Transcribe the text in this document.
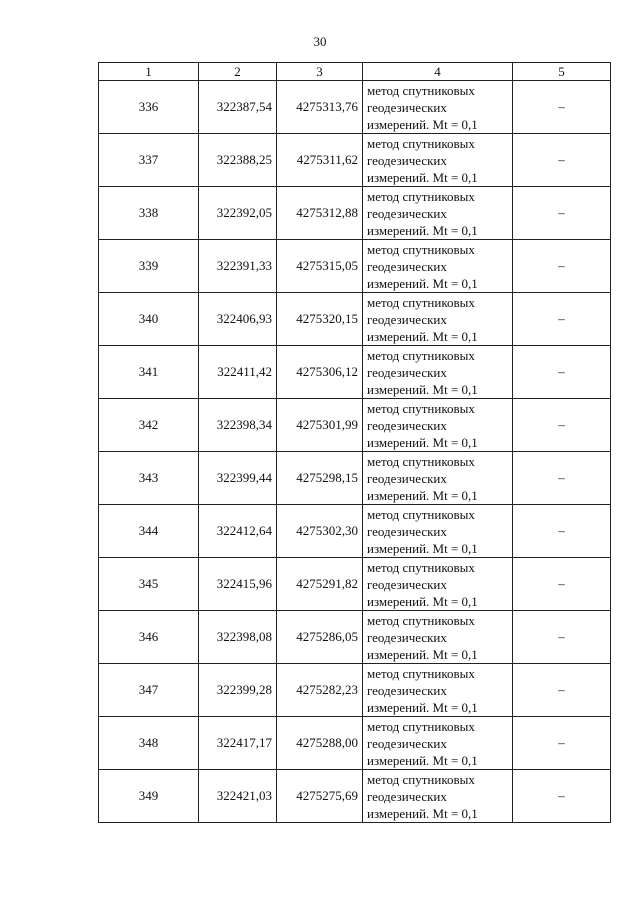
30
1	2	3	4	5
336	322387,54	4275313,76	метод спутниковых геодезических измерений. Mt = 0,1	–
337	322388,25	4275311,62	метод спутниковых геодезических измерений. Mt = 0,1	–
338	322392,05	4275312,88	метод спутниковых геодезических измерений. Mt = 0,1	–
339	322391,33	4275315,05	метод спутниковых геодезических измерений. Mt = 0,1	–
340	322406,93	4275320,15	метод спутниковых геодезических измерений. Mt = 0,1	–
341	322411,42	4275306,12	метод спутниковых геодезических измерений. Mt = 0,1	–
342	322398,34	4275301,99	метод спутниковых геодезических измерений. Mt = 0,1	–
343	322399,44	4275298,15	метод спутниковых геодезических измерений. Mt = 0,1	–
344	322412,64	4275302,30	метод спутниковых геодезических измерений. Mt = 0,1	–
345	322415,96	4275291,82	метод спутниковых геодезических измерений. Mt = 0,1	–
346	322398,08	4275286,05	метод спутниковых геодезических измерений. Mt = 0,1	–
347	322399,28	4275282,23	метод спутниковых геодезических измерений. Mt = 0,1	–
348	322417,17	4275288,00	метод спутниковых геодезических измерений. Mt = 0,1	–
349	322421,03	4275275,69	метод спутниковых геодезических измерений. Mt = 0,1	–
